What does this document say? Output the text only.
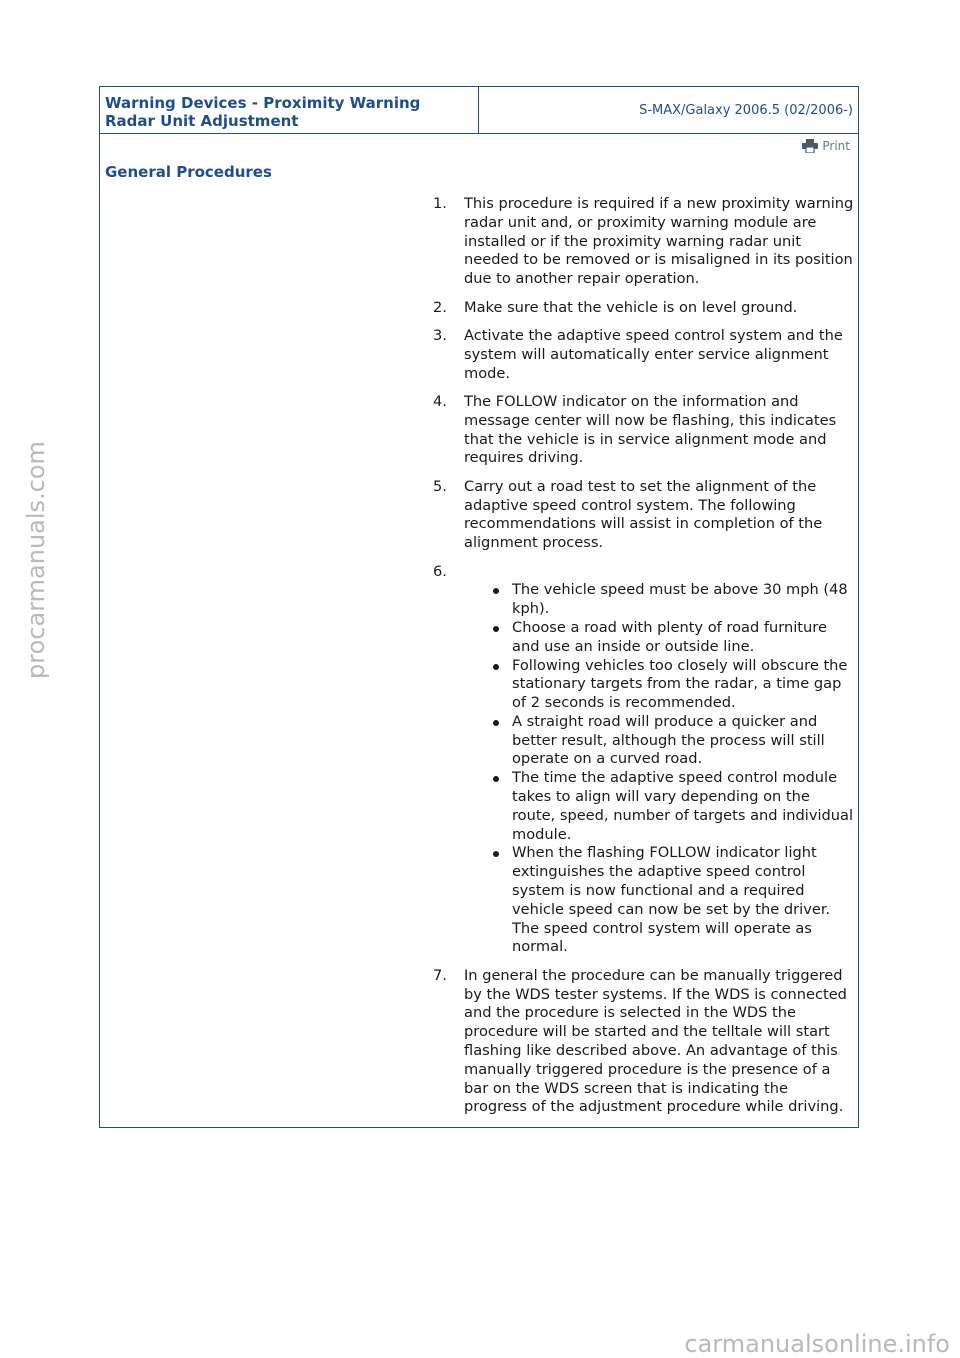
Warning Devices - Proximity Warning
Radar Unit Adjustment
S-MAX/Galaxy 2006.5 (02/2006-)
Print
General Procedures
1. This procedure is required if a new proximity warning radar unit and, or proximity warning module are installed or if the proximity warning radar unit needed to be removed or is misaligned in its position due to another repair operation.
2. Make sure that the vehicle is on level ground.
3. Activate the adaptive speed control system and the system will automatically enter service alignment mode.
4. The FOLLOW indicator on the information and message center will now be flashing, this indicates that the vehicle is in service alignment mode and requires driving.
5. Carry out a road test to set the alignment of the adaptive speed control system. The following recommendations will assist in completion of the alignment process.
6.
The vehicle speed must be above 30 mph (48 kph).
Choose a road with plenty of road furniture and use an inside or outside line.
Following vehicles too closely will obscure the stationary targets from the radar, a time gap of 2 seconds is recommended.
A straight road will produce a quicker and better result, although the process will still operate on a curved road.
The time the adaptive speed control module takes to align will vary depending on the route, speed, number of targets and individual module.
When the flashing FOLLOW indicator light extinguishes the adaptive speed control system is now functional and a required vehicle speed can now be set by the driver. The speed control system will operate as normal.
7. In general the procedure can be manually triggered by the WDS tester systems. If the WDS is connected and the procedure is selected in the WDS the procedure will be started and the telltale will start flashing like described above. An advantage of this manually triggered procedure is the presence of a bar on the WDS screen that is indicating the progress of the adjustment procedure while driving.
procarmanuals.com
carmanualsonline.info
